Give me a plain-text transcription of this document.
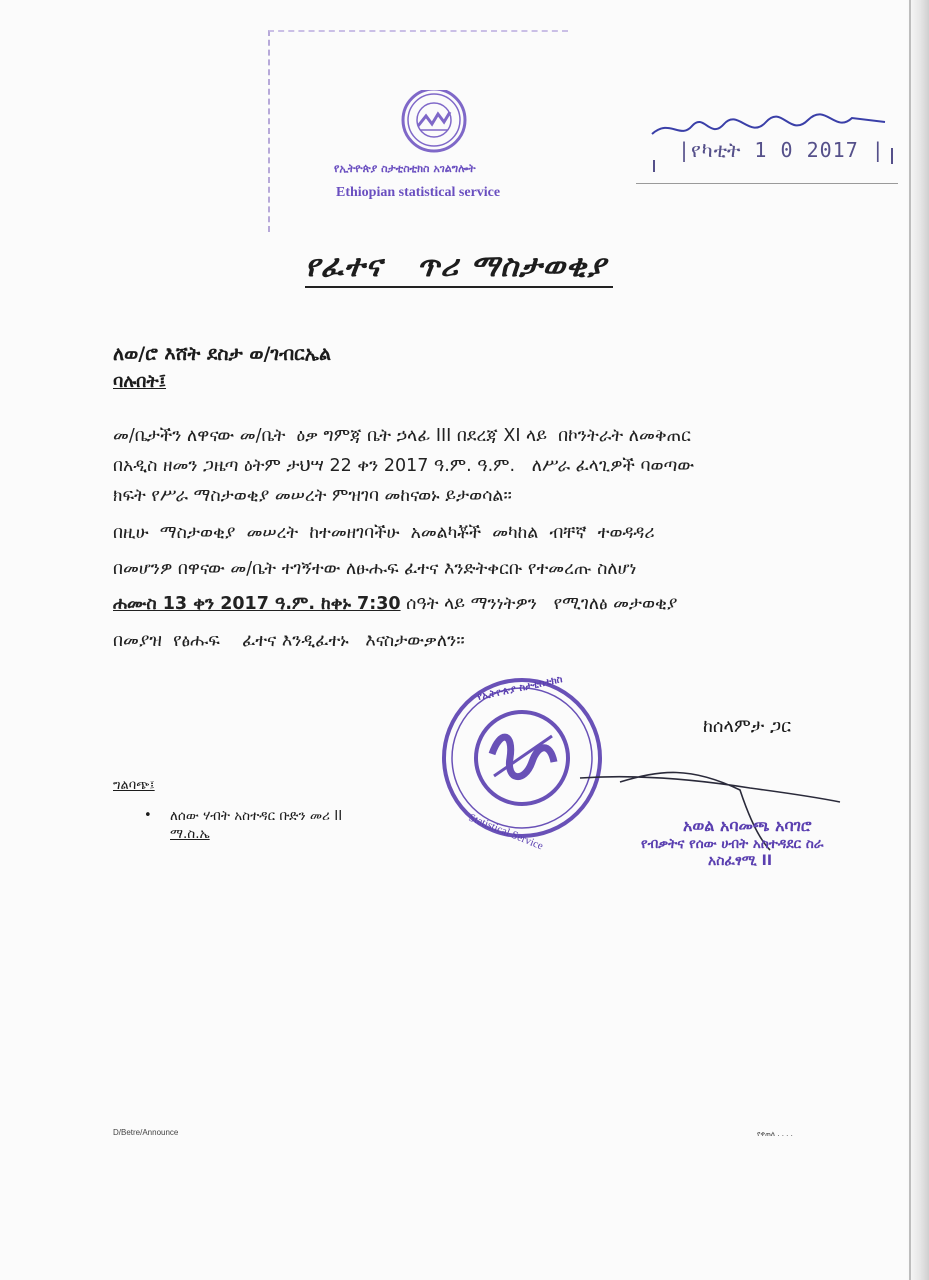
የኢትዮጵያ ስታቲስቲክስ አገልግሎት
Ethiopian statistical service
|የካቲት 1 0 2017 |
የፈተና   ጥሪ ማስታወቂያ
ለወ/ሮ እሸት ደስታ ወ/ገብርኤል
ባሉበት፤
መ/ቤታችን ለዋናው መ/ቤት  ዕቃ ግምጃ ቤት ኃላፊ III በደረጃ XI ላይ  በኮንትራት ለመቅጠር
በአዲስ ዘመን ጋዜጣ ዕትም ታህሣ 22 ቀን 2017 ዓ.ም. ዓ.ም.   ለሥራ ፈላጊዎች ባወጣው
ክፍት የሥራ ማስታወቂያ መሠረት ምዝገባ መከናወኑ ይታወሳል፡፡
በዚሁ  ማስታወቂያ  መሠረት  ከተመዘገባችሁ  አመልካቾች  መካከል  ብቸኛ  ተወዳዳሪ
በመሆንዎ በዋናው መ/ቤት ተገኝተው ለፁሑፍ ፈተና እንድትቀርቡ የተመረጡ ስለሆነ
ሐሙስ 13 ቀን 2017 ዓ.ም. ከቀኑ 7:30 ሰዓት ላይ ማንነትዎን   የሚገለፅ መታወቂያ
በመያዝ  የፅሑፍ    ፈተና እንዲፈተኑ   እናስታውቃለን፡፡
ከሰላምታ ጋር
የኢትዮጵያ ስታቲስቲክስ
Statistical Service	አወል አባመጫ አባገሮ
የብቃትና የሰው ሀብት አስተዳደር ስራ
አስፈፃሚ II
ግልባጭ፤
• ለሰው ሃብት አስተዳር ቡድን መሪ II
ማ.ስ.ኤ
D/Betre/Announce	የቀጠለ . . . .
